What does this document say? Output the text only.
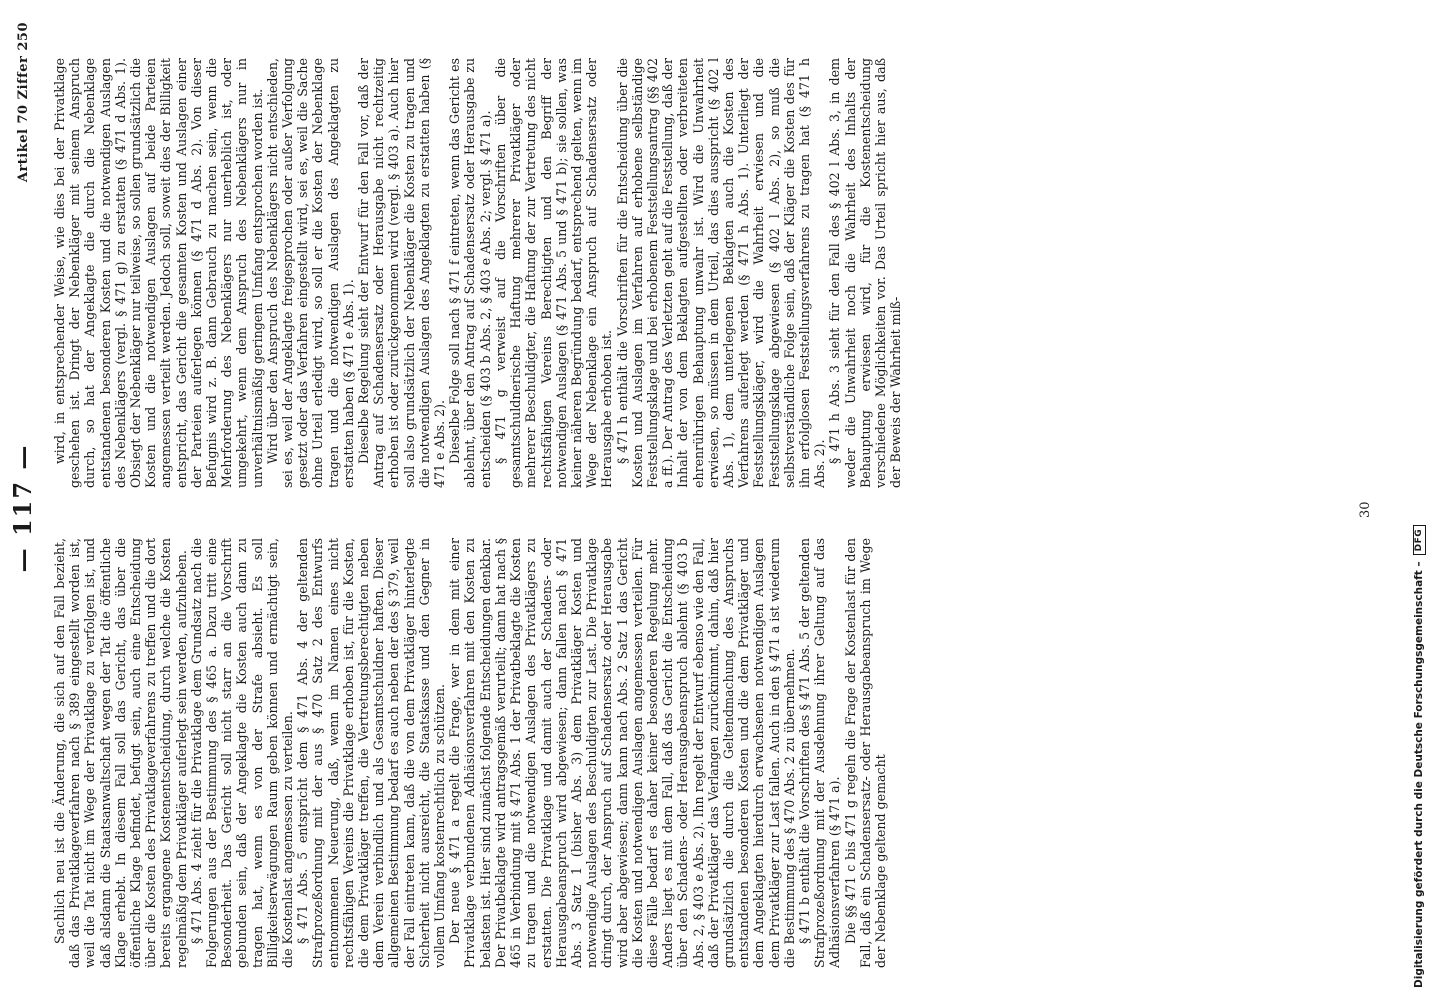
— 117 —
Artikel 70 Ziffer 250

Sachlich neu ist die Änderung, die sich auf den Fall bezieht, daß das Privatklageverfahren nach § 389 eingestellt worden ist, weil die Tat nicht im Wege der Privatklage zu verfolgen ist, und daß alsdann die Staatsanwaltschaft wegen der Tat die öffentliche Klage erhebt. In diesem Fall soll das Gericht, das über die öffentliche Klage befindet, befugt sein, auch eine Entscheidung über die Kosten des Privatklageverfahrens zu treffen und die dort bereits ergangene Kostenentscheidung, durch welche die Kosten regelmäßig dem Privatkläger auferlegt sein werden, aufzuheben. § 471 Abs. 4 zieht für die Privatklage dem Grundsatz nach die Folgerungen aus der Bestimmung des § 465 a. Dazu tritt eine Besonderheit. Das Gericht soll nicht starr an die Vorschrift gebunden sein, daß der Angeklagte die Kosten auch dann zu tragen hat, wenn es von der Strafe absieht. Es soll Billigkeitserwägungen Raum geben können und ermächtigt sein, die Kostenlast angemessen zu verteilen. § 471 Abs. 5 entspricht dem § 471 Abs. 4 der geltenden Strafprozeßordnung mit der aus § 470 Satz 2 des Entwurfs entnommenen Neuerung, daß, wenn im Namen eines nicht rechtsfähigen Vereins die Privatklage erhoben ist, für die Kosten, die dem Privatkläger treffen, die Vertretungsberechtigten neben dem Verein verbindlich und als Gesamtschuldner haften. Dieser allgemeinen Bestimmung bedarf es auch neben der des § 379, weil der Fall eintreten kann, daß die von dem Privatkläger hinterlegte Sicherheit nicht ausreicht, die Staatskasse und den Gegner in vollem Umfang kostenrechtlich zu schützen. Der neue § 471 a regelt die Frage, wer in dem mit einer Privatklage verbundenen Adhäsionsverfahren mit den Kosten zu belasten ist. Hier sind zunächst folgende Entscheidungen denkbar. Der Privatbeklagte wird antragsgemäß verurteilt; dann hat nach § 465 in Verbindung mit § 471 Abs. 1 der Privatbeklagte die Kosten zu tragen und die notwendigen Auslagen des Privatklägers zu erstatten. Die Privatklage und damit auch der Schadens- oder Herausgabeanspruch wird abgewiesen; dann fallen nach § 471 Abs. 3 Satz 1 (bisher Abs. 3) dem Privatkläger Kosten und notwendige Auslagen des Beschuldigten zur Last. Die Privatklage dringt durch, der Anspruch auf Schadensersatz oder Herausgabe wird aber abgewiesen; dann kann nach Abs. 2 Satz 1 das Gericht die Kosten und notwendigen Auslagen angemessen verteilen. Für diese Fälle bedarf es daher keiner besonderen Regelung mehr. Anders liegt es mit dem Fall, daß das Gericht die Entscheidung über den Schadens- oder Herausgabeanspruch ablehnt (§ 403 b Abs. 2, § 403 e Abs. 2). Ihn regelt der Entwurf ebenso wie den Fall, daß der Privatkläger das Verlangen zurücknimmt, dahin, daß hier grundsätzlich die durch die Geltendmachung des Anspruchs entstandenen besonderen Kosten und die dem Privatkläger und dem Angeklagten hierdurch erwachsenen notwendigen Auslagen dem Privatkläger zur Last fallen. Auch in den § 471 a ist wiederum die Bestimmung des § 470 Abs. 2 zu übernehmen. § 471 b enthält die Vorschriften des § 471 Abs. 5 der geltenden Strafprozeßordnung mit der Ausdehnung ihrer Geltung auf das Adhäsionsverfahren (§ 471 a). Die §§ 471 c bis 471 g regeln die Frage der Kostenlast für den Fall, daß ein Schadensersatz- oder Herausgabeanspruch im Wege der Nebenklage geltend gemacht

wird, in entsprechender Weise, wie dies bei der Privatklage geschehen ist. Dringt der Nebenkläger mit seinem Anspruch durch, so hat der Angeklagte die durch die Nebenklage entstandenen besonderen Kosten und die notwendigen Auslagen des Nebenklägers (vergl. § 471 g) zu erstatten (§ 471 d Abs. 1). Obsiegt der Nebenkläger nur teilweise, so sollen grundsätzlich die Kosten und die notwendigen Auslagen auf beide Parteien angemessen verteilt werden. Jedoch soll, soweit dies der Billigkeit entspricht, das Gericht die gesamten Kosten und Auslagen einer der Parteien auferlegen können (§ 471 d Abs. 2). Von dieser Befugnis wird z. B. dann Gebrauch zu machen sein, wenn die Mehrforderung des Nebenklägers nur unerheblich ist, oder umgekehrt, wenn dem Anspruch des Nebenklägers nur in unverhältnismäßig geringem Umfang entsprochen worden ist. Wird über den Anspruch des Nebenklägers nicht entschieden, sei es, weil der Angeklagte freigesprochen oder außer Verfolgung gesetzt oder das Verfahren eingestellt wird, sei es, weil die Sache ohne Urteil erledigt wird, so soll er die Kosten der Nebenklage tragen und die notwendigen Auslagen des Angeklagten zu erstatten haben (§ 471 e Abs. 1). Dieselbe Regelung sieht der Entwurf für den Fall vor, daß der Antrag auf Schadensersatz oder Herausgabe nicht rechtzeitig erhoben ist oder zurückgenommen wird (vergl. § 403 a). Auch hier soll also grundsätzlich der Nebenkläger die Kosten zu tragen und die notwendigen Auslagen des Angeklagten zu erstatten haben (§ 471 e Abs. 2). Dieselbe Folge soll nach § 471 f eintreten, wenn das Gericht es ablehnt, über den Antrag auf Schadensersatz oder Herausgabe zu entscheiden (§ 403 b Abs. 2, § 403 e Abs. 2; vergl. § 471 a). § 471 g verweist auf die Vorschriften über die gesamtschuldnerische Haftung mehrerer Privatkläger oder mehrerer Beschuldigter, die Haftung der zur Vertretung des nicht rechtsfähigen Vereins Berechtigten und den Begriff der notwendigen Auslagen (§ 471 Abs. 5 und § 471 b); sie sollen, was keiner näheren Begründung bedarf, entsprechend gelten, wenn im Wege der Nebenklage ein Anspruch auf Schadensersatz oder Herausgabe erhoben ist. § 471 h enthält die Vorschriften für die Entscheidung über die Kosten und Auslagen im Verfahren auf erhobene selbständige Feststellungsklage und bei erhobenem Feststellungsantrag (§§ 402 a ff.). Der Antrag des Verletzten geht auf die Feststellung, daß der Inhalt der von dem Beklagten aufgestellten oder verbreiteten ehrenrührigen Behauptung unwahr ist. Wird die Unwahrheit erwiesen, so müssen in dem Urteil, das dies ausspricht (§ 402 l Abs. 1), dem unterlegenen Beklagten auch die Kosten des Verfahrens auferlegt werden (§ 471 h Abs. 1). Unterliegt der Feststellungskläger, wird die Wahrheit erwiesen und die Feststellungsklage abgewiesen (§ 402 l Abs. 2), so muß die selbstverständliche Folge sein, daß der Kläger die Kosten des für ihn erfolglosen Feststellungsverfahrens zu tragen hat (§ 471 h Abs. 2). § 471 h Abs. 3 sieht für den Fall des § 402 l Abs. 3, in dem weder die Unwahrheit noch die Wahrheit des Inhalts der Behauptung erwiesen wird, für die Kostenentscheidung verschiedene Möglichkeiten vor. Das Urteil spricht hier aus, daß der Beweis der Wahrheit miß-

30
Digitalisierung gefördert durch die Deutsche Forschungsgemeinschaft –
DFG
